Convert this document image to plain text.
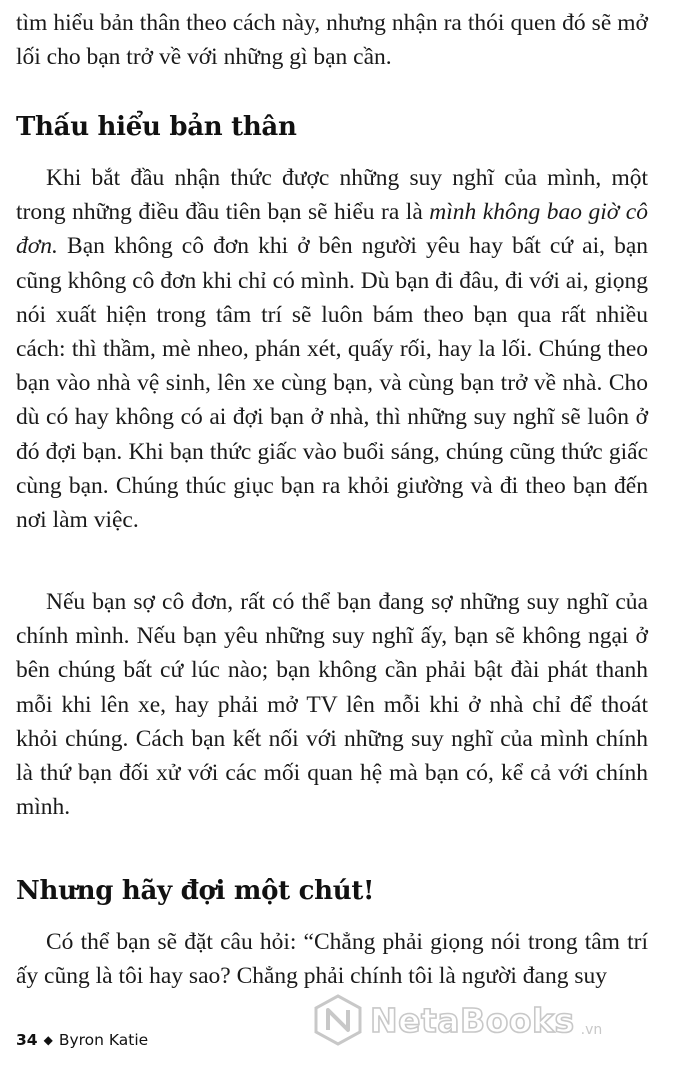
tìm hiểu bản thân theo cách này, nhưng nhận ra thói quen đó sẽ mở lối cho bạn trở về với những gì bạn cần.

Thấu hiểu bản thân

Khi bắt đầu nhận thức được những suy nghĩ của mình, một trong những điều đầu tiên bạn sẽ hiểu ra là mình không bao giờ cô đơn. Bạn không cô đơn khi ở bên người yêu hay bất cứ ai, bạn cũng không cô đơn khi chỉ có mình. Dù bạn đi đâu, đi với ai, giọng nói xuất hiện trong tâm trí sẽ luôn bám theo bạn qua rất nhiều cách: thì thầm, mè nheo, phán xét, quấy rối, hay la lối. Chúng theo bạn vào nhà vệ sinh, lên xe cùng bạn, và cùng bạn trở về nhà. Cho dù có hay không có ai đợi bạn ở nhà, thì những suy nghĩ sẽ luôn ở đó đợi bạn. Khi bạn thức giấc vào buổi sáng, chúng cũng thức giấc cùng bạn. Chúng thúc giục bạn ra khỏi giường và đi theo bạn đến nơi làm việc.

Nếu bạn sợ cô đơn, rất có thể bạn đang sợ những suy nghĩ của chính mình. Nếu bạn yêu những suy nghĩ ấy, bạn sẽ không ngại ở bên chúng bất cứ lúc nào; bạn không cần phải bật đài phát thanh mỗi khi lên xe, hay phải mở TV lên mỗi khi ở nhà chỉ để thoát khỏi chúng. Cách bạn kết nối với những suy nghĩ của mình chính là thứ bạn đối xử với các mối quan hệ mà bạn có, kể cả với chính mình.

Nhưng hãy đợi một chút!

Có thể bạn sẽ đặt câu hỏi: “Chẳng phải giọng nói trong tâm trí ấy cũng là tôi hay sao? Chẳng phải chính tôi là người đang suy

NetaBooks .vn
34 ◆ Byron Katie
